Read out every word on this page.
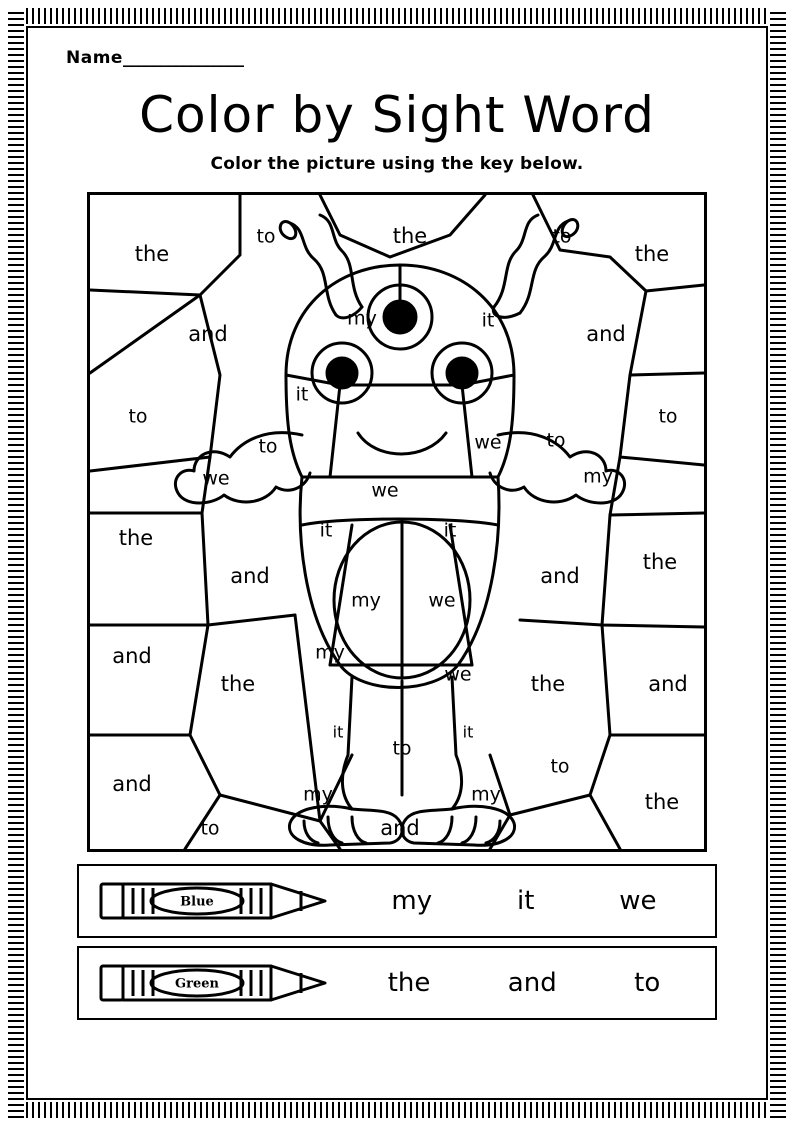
Name________________
Color by Sight Word
Color the picture using the key below.
the
to	the	to
the
and
my	it
and
it
to	to
to
we
we to
we
my
the
and
it	it
and
the
my	we
and
the
my
we	the	and
it
to
it
to
and
the
my	my
to	and
Blue	my	it	we
Green	the	and	to
